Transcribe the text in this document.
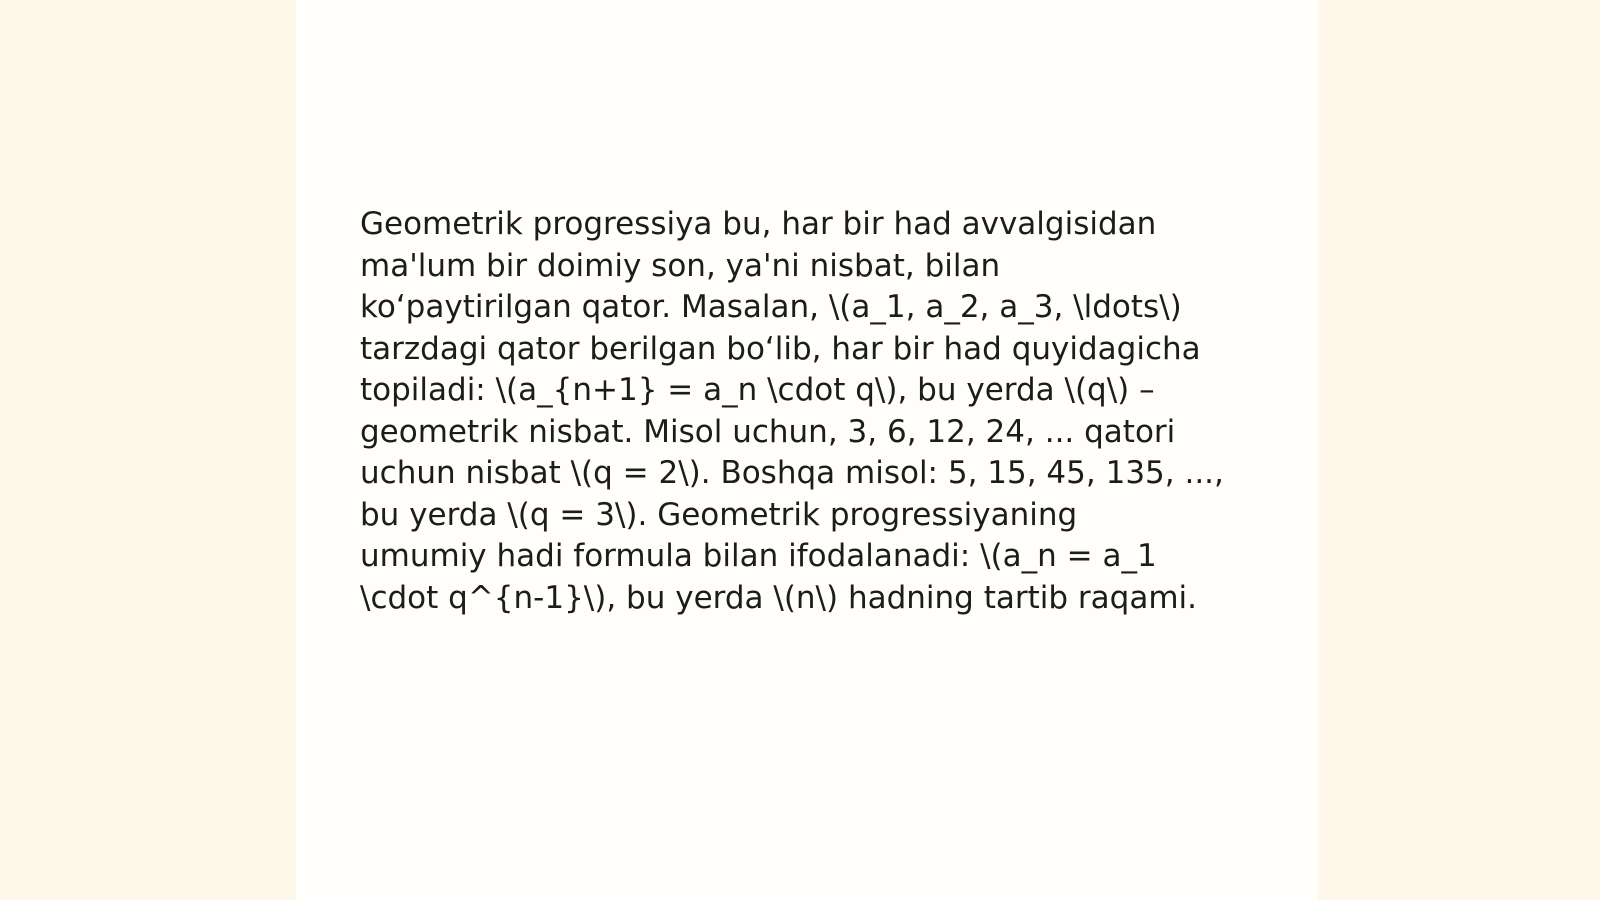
Geometrik progressiya bu, har bir had avvalgisidan
ma'lum bir doimiy son, ya'ni nisbat, bilan
ko‘paytirilgan qator. Masalan, \(a_1, a_2, a_3, \ldots\)
tarzdagi qator berilgan bo‘lib, har bir had quyidagicha
topiladi: \(a_{n+1} = a_n \cdot q\), bu yerda \(q\) –
geometrik nisbat. Misol uchun, 3, 6, 12, 24, ... qatori
uchun nisbat \(q = 2\). Boshqa misol: 5, 15, 45, 135, ...,
bu yerda \(q = 3\). Geometrik progressiyaning
umumiy hadi formula bilan ifodalanadi: \(a_n = a_1
\cdot q^{n-1}\), bu yerda \(n\) hadning tartib raqami.
